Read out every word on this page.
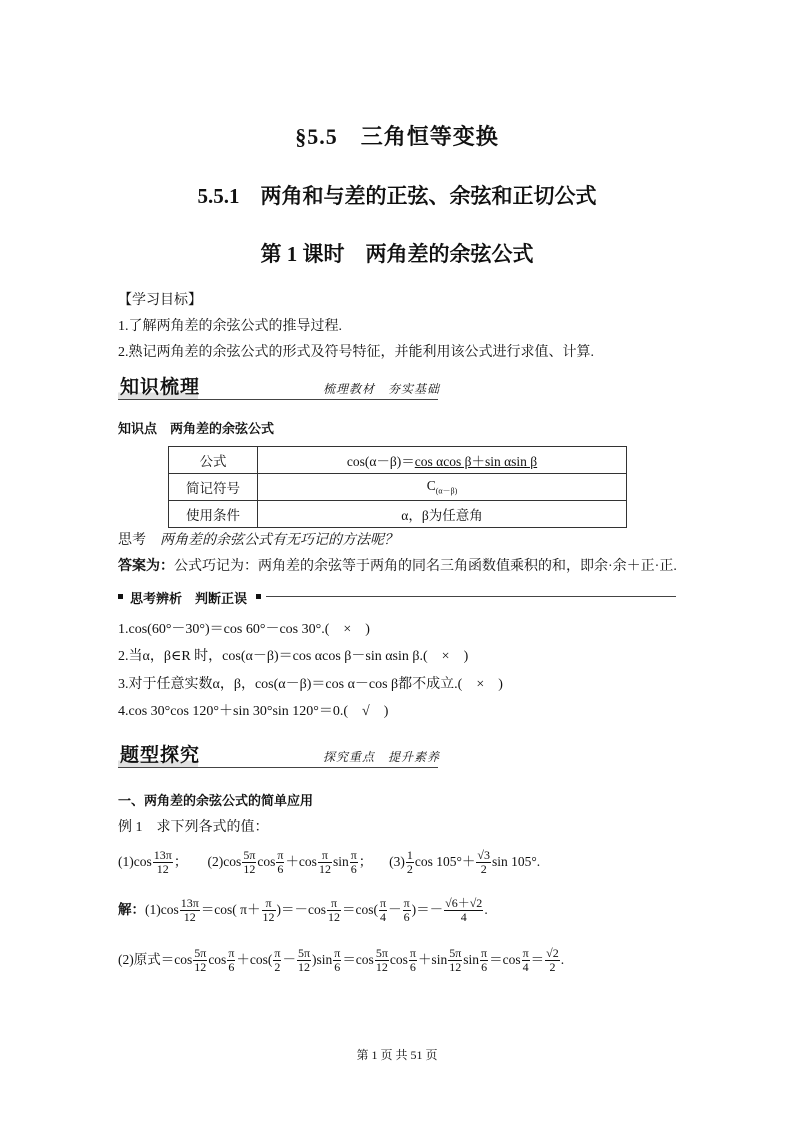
§5.5　三角恒等变换
5.5.1　两角和与差的正弦、余弦和正切公式
第 1 课时　两角差的余弦公式
【学习目标】
1.了解两角差的余弦公式的推导过程.
2.熟记两角差的余弦公式的形式及符号特征，并能利用该公式进行求值、计算.
知识梳理	梳理教材　夯实基础
知识点　两角差的余弦公式
公式	cos(α－β)＝cos αcos β＋sin αsin β
简记符号	$C_{(\alpha-\beta)}$
使用条件	α，β为任意角
思考 两角差的余弦公式有无巧记的方法呢？
答案为：公式巧记为：两角差的余弦等于两角的同名三角函数值乘积的和，即余·余＋正·正.
思考辨析　判断正误
1.cos(60°－30°)＝cos 60°－cos 30°.(　×　)
2.当α，β∈R 时，cos(α－β)＝cos αcos β－sin αsin β.(　×　)
3.对于任意实数α，β，cos(α－β)＝cos α－cos β都不成立.(　×　)
4.cos 30°cos 120°＋sin 30°sin 120°＝0.(　√　)
题型探究	探究重点　提升素养
一、两角差的余弦公式的简单应用
例 1 求下列各式的值：
$(1)\cos \frac{13\pi}{12}$ ；      $(2)\cos \frac{5\pi}{12}$ $\cos \frac{\pi}{6} +\cos \frac{\pi}{12}$ $\sin \frac{\pi}{6}$ ；     $(3) \frac{1}{2}$ $\cos 105^\circ+ \frac{√3}{2}$ sin 105°.
解：$(1)\cos \frac{13\pi}{12} =\cos$( $\pi+ \frac{\pi}{12} )=-\cos \frac{\pi}{12} =\cos( \frac{\pi}{4} - \frac{\pi}{6}$ )＝－ $\frac{√6+√2}{4}$ .
(2)原式$=\cos \frac{5\pi}{12}$ $\cos \frac{\pi}{6} +\cos( \frac{\pi}{2} - \frac{5\pi}{12} )\sin \frac{\pi}{6} =\cos \frac{5\pi}{12}$ $\cos \frac{\pi}{6} +\sin \frac{5\pi}{12}$ $\sin \frac{\pi}{6} =\cos \frac{\pi}{4} = \frac{√2}{2}$ .
第 1 页 共 51 页
